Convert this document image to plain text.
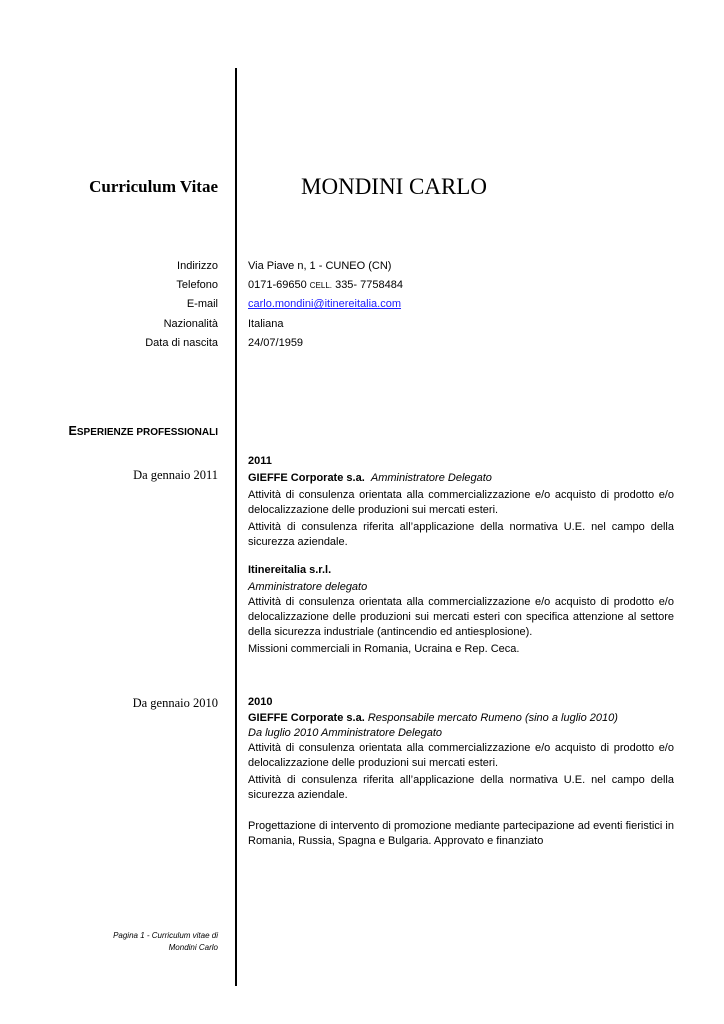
Curriculum Vitae	MONDINI CARLO
Indirizzo
Telefono
E-mail
Nazionalità
Data di nascita
Via Piave n, 1 - CUNEO (CN)
0171-69650 CELL. 335- 7758484
carlo.mondini@itinereitalia.com
Italiana
24/07/1959
ESPERIENZE PROFESSIONALI
Da gennaio 2011

2011

GIEFFE Corporate s.a. Amministratore Delegato

Attività di consulenza orientata alla commercializzazione e/o acquisto di prodotto e/o delocalizzazione delle produzioni sui mercati esteri.

Attività di consulenza riferita all’applicazione della normativa U.E. nel campo della sicurezza aziendale.

Itinereitalia s.r.l.

Amministratore delegato

Attività di consulenza orientata alla commercializzazione e/o acquisto di prodotto e/o delocalizzazione delle produzioni sui mercati esteri con specifica attenzione al settore della sicurezza industriale (antincendio ed antiesplosione).

Missioni commerciali in Romania, Ucraina e Rep. Ceca.

Da gennaio 2010	2010

GIEFFE Corporate s.a. Responsabile mercato Rumeno (sino a luglio 2010)

Da luglio 2010 Amministratore Delegato

Attività di consulenza orientata alla commercializzazione e/o acquisto di prodotto e/o delocalizzazione delle produzioni sui mercati esteri.

Attività di consulenza riferita all’applicazione della normativa U.E. nel campo della sicurezza aziendale.

Progettazione di intervento di promozione mediante partecipazione ad eventi fieristici in Romania, Russia, Spagna e Bulgaria. Approvato e finanziato

Pagina 1 - Curriculum vitae di
Mondini Carlo
